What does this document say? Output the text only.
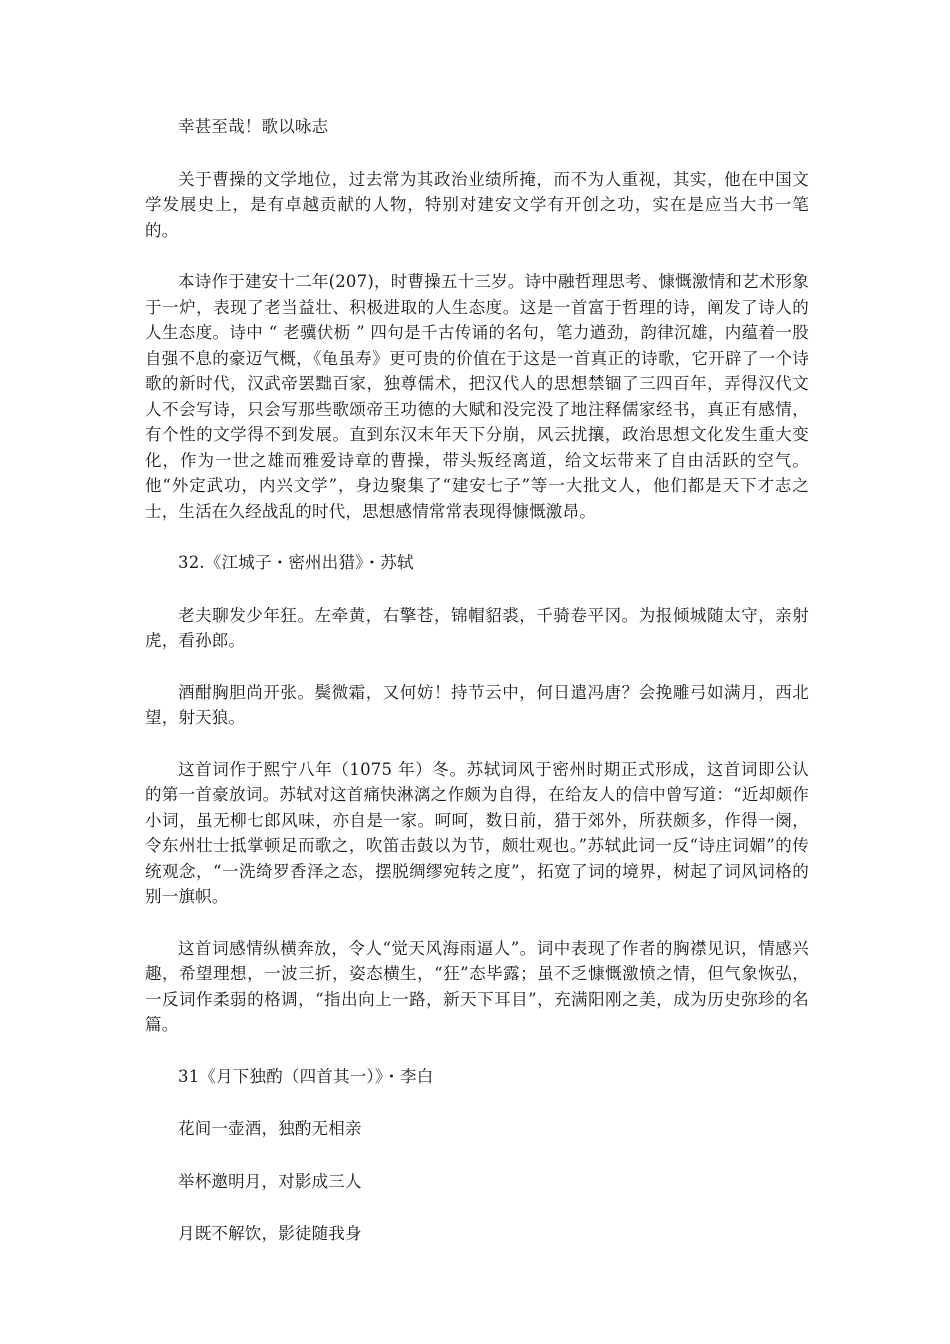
幸甚至哉！歌以咏志

关于曹操的文学地位，过去常为其政治业绩所掩，而不为人重视，其实，他在中国文学发展史上，是有卓越贡献的人物，特别对建安文学有开创之功，实在是应当大书一笔的。

本诗作于建安十二年(207)，时曹操五十三岁。诗中融哲理思考、慷慨激情和艺术形象于一炉，表现了老当益壮、积极进取的人生态度。这是一首富于哲理的诗，阐发了诗人的人生态度。诗中 “ 老骥伏枥 ” 四句是千古传诵的名句，笔力遒劲，韵律沉雄，内蕴着一股自强不息的豪迈气概，《龟虽寿》更可贵的价值在于这是一首真正的诗歌，它开辟了一个诗歌的新时代，汉武帝罢黜百家，独尊儒术，把汉代人的思想禁锢了三四百年，弄得汉代文人不会写诗，只会写那些歌颂帝王功德的大赋和没完没了地注释儒家经书，真正有感情，有个性的文学得不到发展。直到东汉末年天下分崩，风云扰攘，政治思想文化发生重大变化，作为一世之雄而雅爱诗章的曹操，带头叛经离道，给文坛带来了自由活跃的空气。他“外定武功，内兴文学”，身边聚集了“建安七子”等一大批文人，他们都是天下才志之士，生活在久经战乱的时代，思想感情常常表现得慷慨激昂。

32.《江城子・密州出猎》・苏轼

老夫聊发少年狂。左牵黄，右擎苍，锦帽貂裘，千骑卷平冈。为报倾城随太守，亲射虎，看孙郎。

酒酣胸胆尚开张。鬓微霜，又何妨！持节云中，何日遣冯唐？会挽雕弓如满月，西北望，射天狼。

这首词作于熙宁八年（1075 年）冬。苏轼词风于密州时期正式形成，这首词即公认的第一首豪放词。苏轼对这首痛快淋漓之作颇为自得，在给友人的信中曾写道：“近却颇作小词，虽无柳七郎风味，亦自是一家。呵呵，数日前，猎于郊外，所获颇多，作得一阕，令东州壮士抵掌顿足而歌之，吹笛击鼓以为节，颇壮观也。”苏轼此词一反“诗庄词媚”的传统观念，“一洗绮罗香泽之态，摆脱绸缪宛转之度”，拓宽了词的境界，树起了词风词格的别一旗帜。

这首词感情纵横奔放，令人“觉天风海雨逼人”。词中表现了作者的胸襟见识，情感兴趣，希望理想，一波三折，姿态横生，“狂”态毕露；虽不乏慷慨激愤之情，但气象恢弘，一反词作柔弱的格调，“指出向上一路，新天下耳目”，充满阳刚之美，成为历史弥珍的名篇。

31《月下独酌（四首其一）》・李白

花间一壶酒，独酌无相亲

举杯邀明月，对影成三人

月既不解饮，影徒随我身
